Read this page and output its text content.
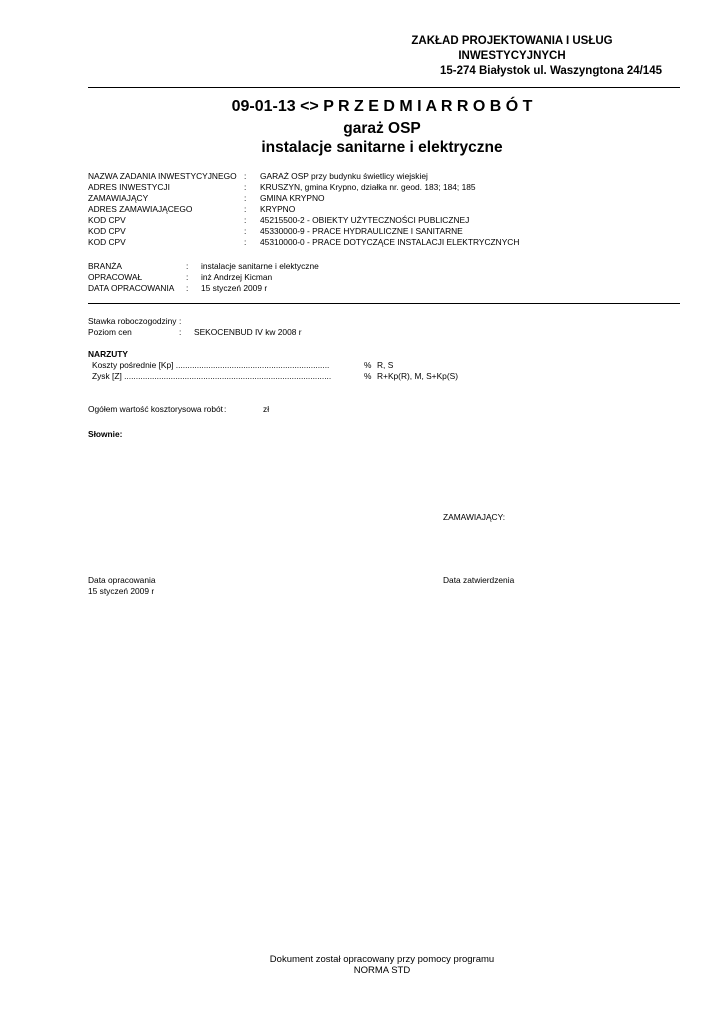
ZAKŁAD PROJEKTOWANIA I USŁUG
INWESTYCYJNYCH
15-274 Białystok ul. Waszyngtona 24/145
09-01-13 <> P R Z E D M I A R R O B Ó T
garaż OSP
instalacje sanitarne i elektryczne
NAZWA ZADANIA INWESTYCYJNEGO : GARAŻ OSP przy budynku świetlicy wiejskiej
ADRES INWESTYCJI	: KRUSZYN, gmina Krypno, działka nr. geod. 183; 184; 185
ZAMAWIAJĄCY	: GMINA KRYPNO
ADRES ZAMAWIAJĄCEGO	: KRYPNO
KOD CPV	: 45215500-2 - OBIEKTY UŻYTECZNOŚCI PUBLICZNEJ
KOD CPV	: 45330000-9 - PRACE HYDRAULICZNE I SANITARNE
KOD CPV	: 45310000-0 - PRACE DOTYCZĄCE INSTALACJI ELEKTRYCZNYCH
BRANŻA	: instalacje sanitarne i elektyczne
OPRACOWAŁ	: inż Andrzej Kicman
DATA OPRACOWANIA : 15 styczeń 2009 r
Stawka roboczogodziny :
Poziom cen	: SEKOCENBUD IV kw 2008 r
NARZUTY
Koszty pośrednie [Kp] ..................................................................	% R, S
Zysk [Z] .........................................................................................	% R+Kp(R), M, S+Kp(S)
Ogółem wartość kosztorysowa robót :	zł
Słownie:
ZAMAWIAJĄCY:
Data opracowania
15 styczeń 2009 r
Data zatwierdzenia
Dokument został opracowany przy pomocy programu
NORMA STD
